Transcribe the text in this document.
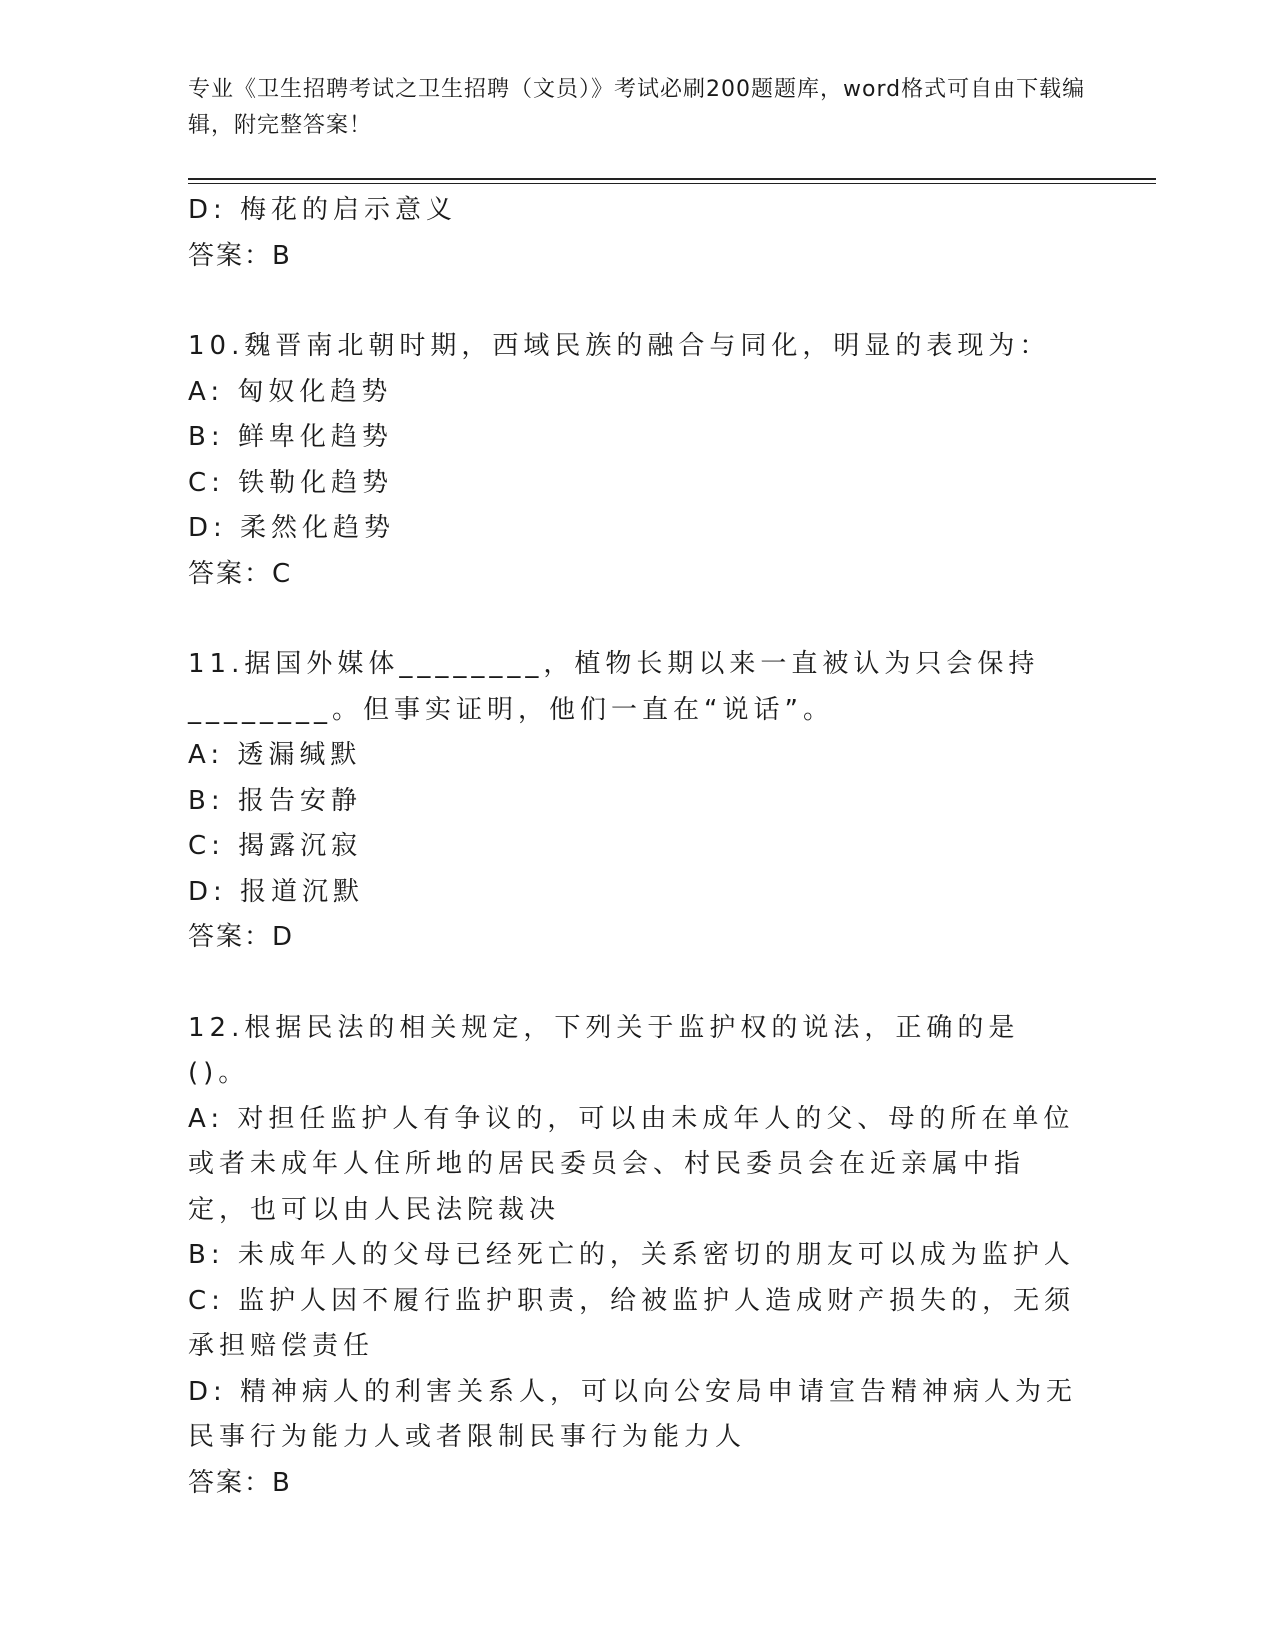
专业《卫生招聘考试之卫生招聘（文员）》考试必刷200题题库，word格式可自由下载编辑，附完整答案！
D: 梅花的启示意义
答案：B
10.魏晋南北朝时期，西域民族的融合与同化，明显的表现为：
A: 匈奴化趋势
B: 鲜卑化趋势
C: 铁勒化趋势
D: 柔然化趋势
答案：C
11.据国外媒体________，植物长期以来一直被认为只会保持________。但事实证明，他们一直在“说话”。
A: 透漏缄默
B: 报告安静
C: 揭露沉寂
D: 报道沉默
答案：D
12.根据民法的相关规定，下列关于监护权的说法，正确的是()。
A: 对担任监护人有争议的，可以由未成年人的父、母的所在单位或者未成年人住所地的居民委员会、村民委员会在近亲属中指定，也可以由人民法院裁决
B: 未成年人的父母已经死亡的，关系密切的朋友可以成为监护人
C: 监护人因不履行监护职责，给被监护人造成财产损失的，无须承担赔偿责任
D: 精神病人的利害关系人，可以向公安局申请宣告精神病人为无民事行为能力人或者限制民事行为能力人
答案：B
